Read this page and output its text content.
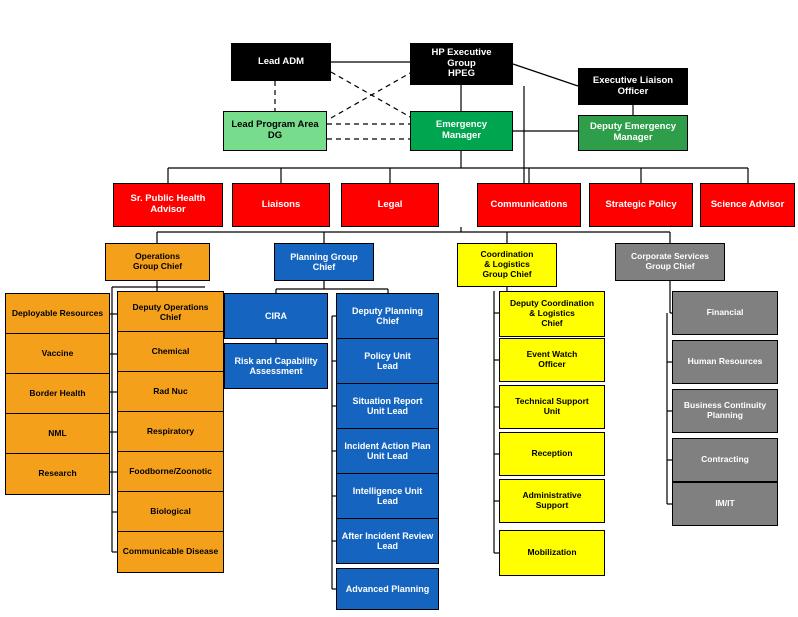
Lead ADM
HP Executive
Group
HPEG
Executive Liaison
Officer
Lead Program Area
DG
Emergency
Manager
Deputy Emergency
Manager
Sr. Public Health
Advisor	Liaisons	Legal	Communications	Strategic Policy	Science Advisor
Operations
Group Chief
Planning Group
Chief
Coordination
& Logistics
Group Chief
Corporate Services
Group Chief
Deployable Resources
Vaccine
Border Health
NML
Research
Deputy Operations
Chief
Chemical
Rad Nuc
Respiratory
Foodborne/Zoonotic
Biological
Communicable Disease
CIRA
Risk and Capability
Assessment
Deputy Planning
Chief
Policy Unit
Lead
Situation Report
Unit Lead
Incident Action Plan
Unit Lead
Intelligence Unit
Lead
After Incident Review
Lead
Advanced Planning
Deputy Coordination
& Logistics
Chief
Event Watch
Officer
Technical Support
Unit
Reception
Administrative
Support
Mobilization
Financial
Human Resources
Business Continuity
Planning
Contracting
IM/IT
